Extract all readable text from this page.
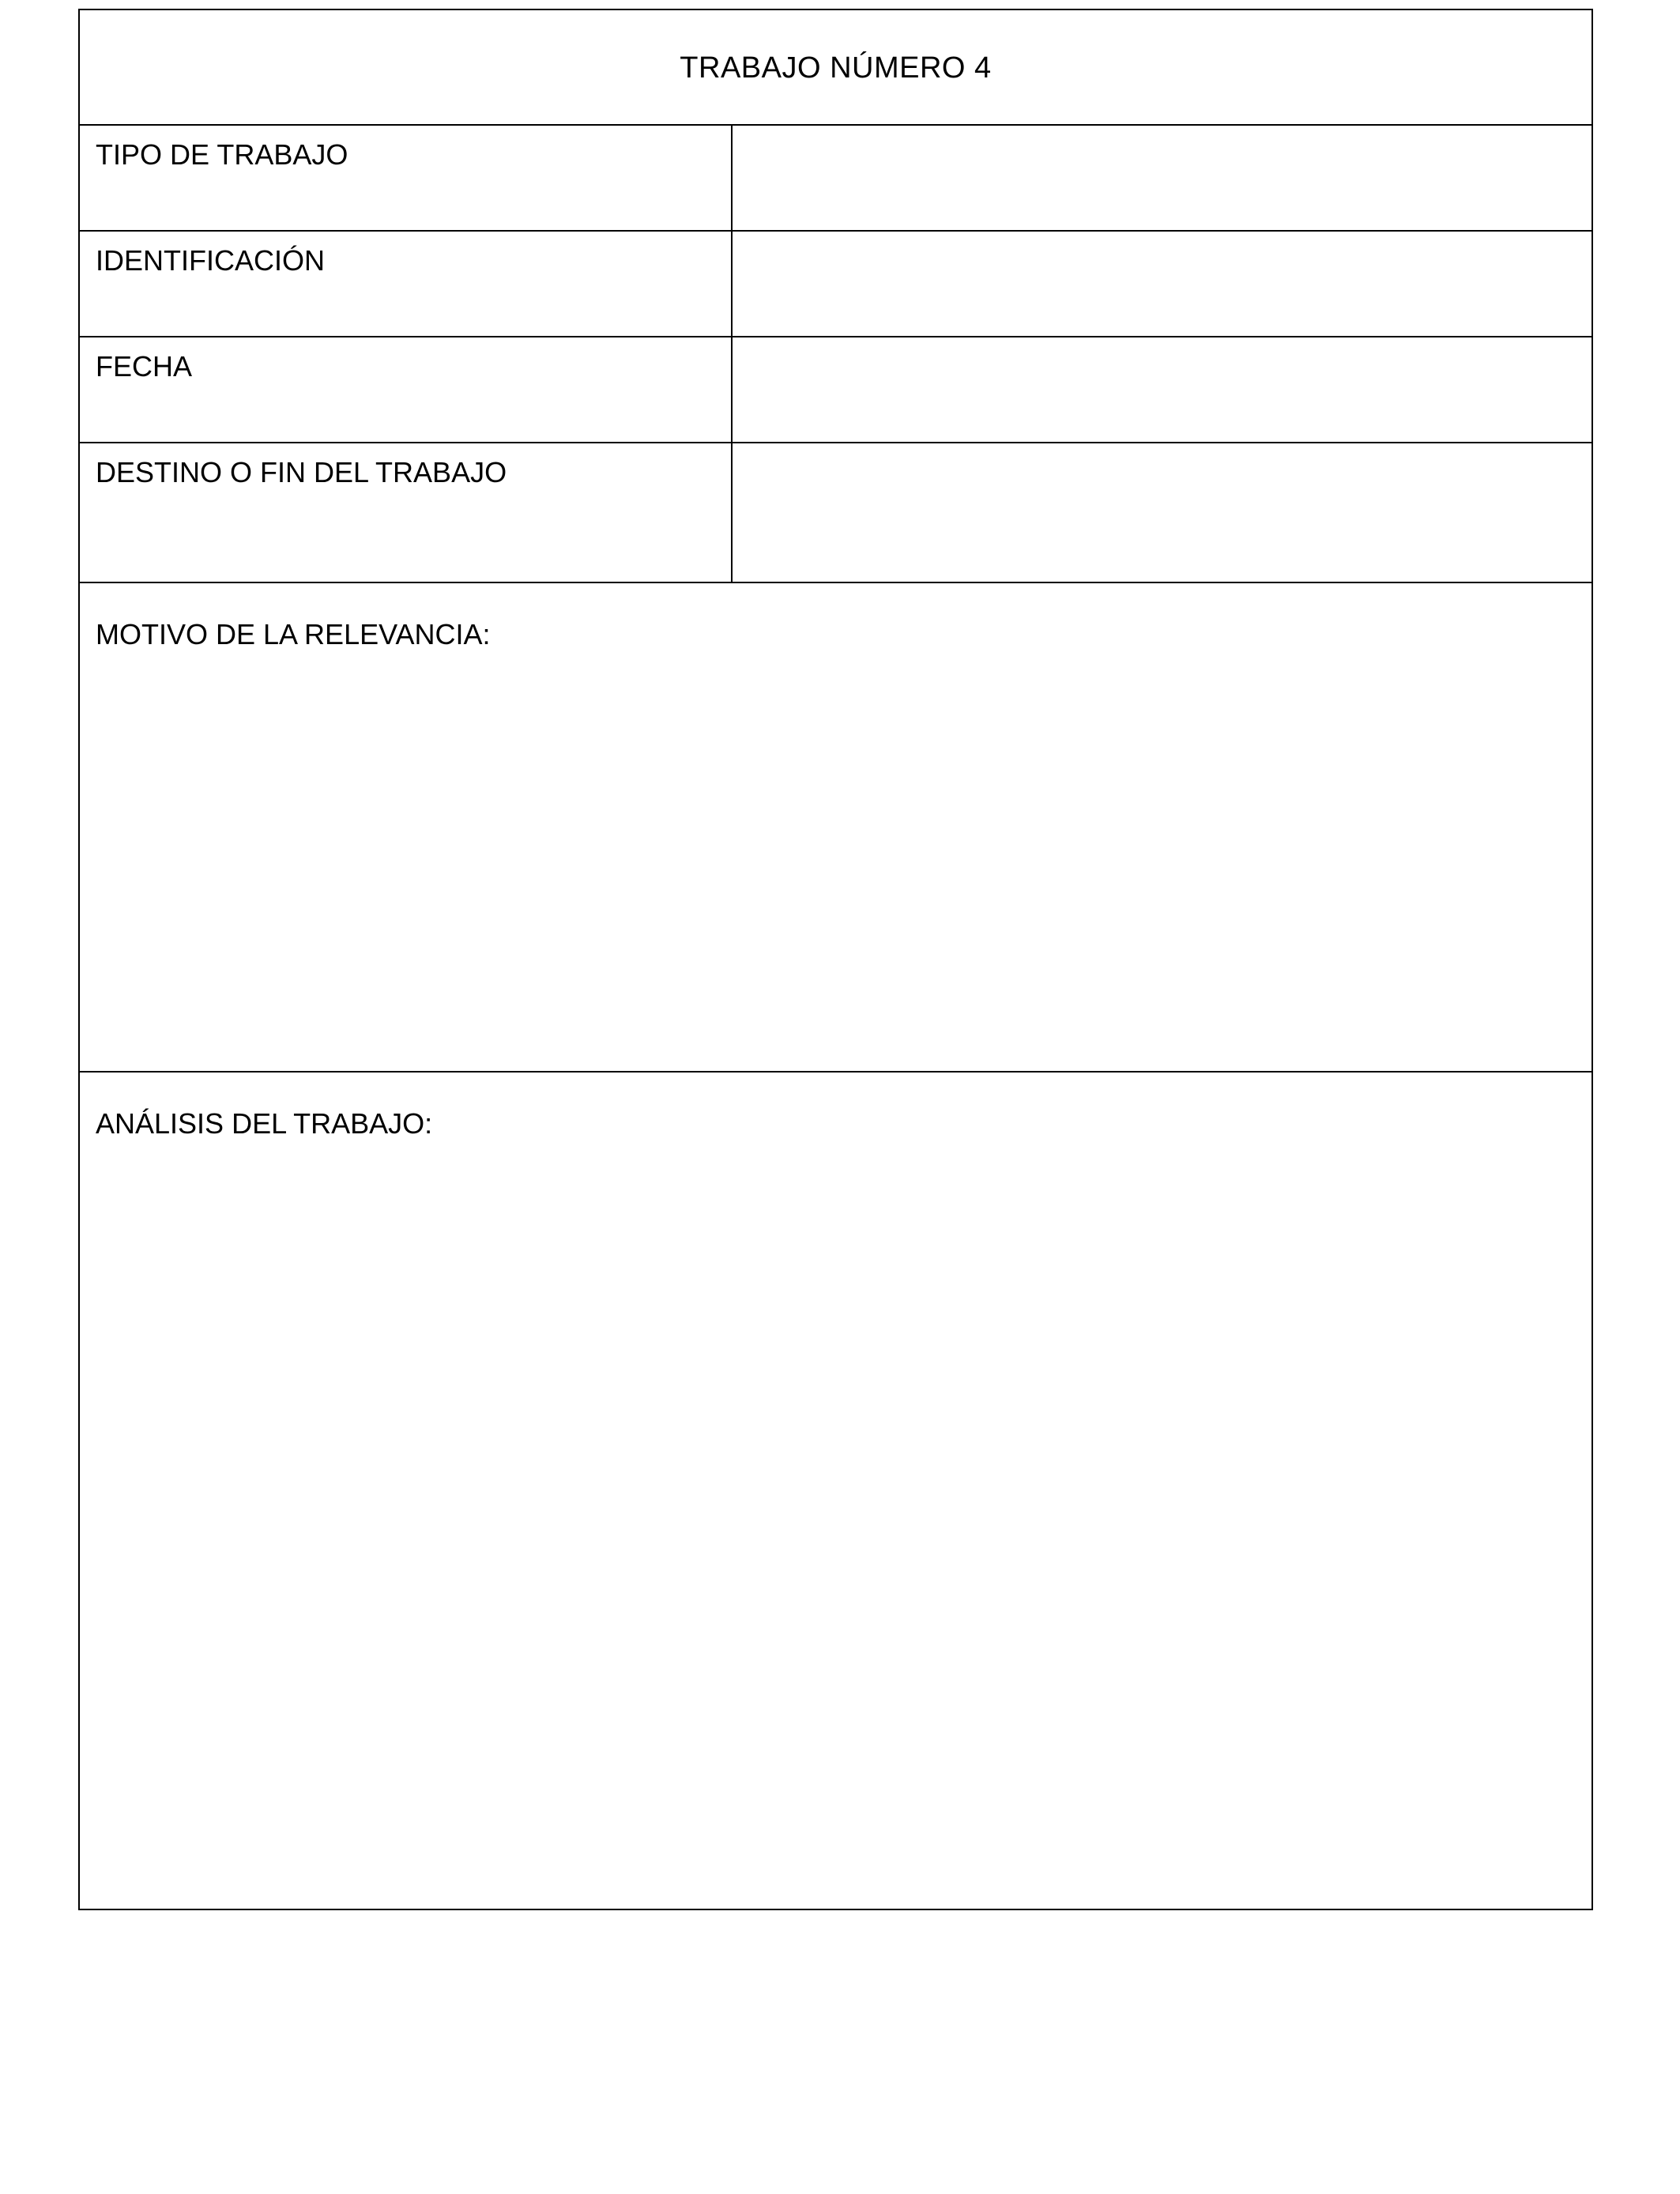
TRABAJO NÚMERO 4
TIPO DE TRABAJO
IDENTIFICACIÓN
FECHA
DESTINO O FIN DEL TRABAJO
MOTIVO DE LA RELEVANCIA:
ANÁLISIS DEL TRABAJO:
